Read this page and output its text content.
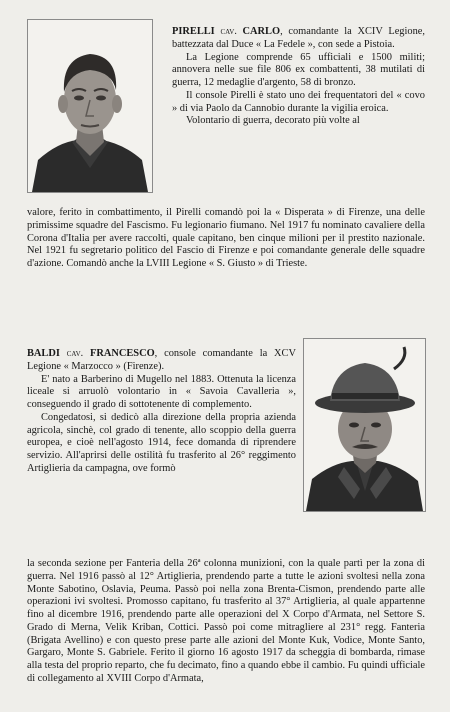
PIRELLI cav. CARLO, comandante la XCIV Legione, battezzata dal Duce « La Fedele », con sede a Pistoia.

La Legione comprende 65 ufficiali e 1500 militi; annovera nelle sue file 806 ex combattenti, 38 mutilati di guerra, 12 medaglie d'argento, 58 di bronzo.

Il console Pirelli è stato uno dei frequentatori del « covo » di via Paolo da Cannobio durante la vigilia eroica.

Volontario di guerra, decorato più volte al

valore, ferito in combattimento, il Pirelli comandò poi la « Disperata » di Firenze, una delle primissime squadre del Fascismo. Fu legionario fiumano. Nel 1917 fu nominato cavaliere della Corona d'Italia per avere raccolti, quale capitano, ben cinque milioni per il prestito nazionale. Nel 1921 fu segretario politico del Fascio di Firenze e poi comandante generale delle squadre d'azione. Comandò anche la LVIII Legione « S. Giusto » di Trieste.

BALDI cav. FRANCESCO, console comandante la XCV Legione « Marzocco » (Firenze).

E' nato a Barberino di Mugello nel 1883. Ottenuta la licenza liceale si arruolò volontario in « Savoia Cavalleria », conseguendo il grado di sottotenente di complemento.

Congedatosi, si dedicò alla direzione della propria azienda agricola, sinchè, col grado di tenente, allo scoppio della guerra europea, e cioè nell'agosto 1914, fece domanda di riprendere servizio. All'aprirsi delle ostilità fu trasferito al 26° reggimento Artiglieria da campagna, ove formò

la seconda sezione per Fanteria della 26ª colonna munizioni, con la quale partì per la zona di guerra. Nel 1916 passò al 12° Artiglieria, prendendo parte a tutte le azioni svoltesi nella zona Monte Sabotino, Oslavia, Peuma. Passò poi nella zona Brenta-Cismon, prendendo parte alle operazioni ivi svoltesi. Promosso capitano, fu trasferito al 37° Artiglieria, al quale appartenne fino al dicembre 1916, prendendo parte alle operazioni del X Corpo d'Armata, nel Settore S. Grado di Merna, Velik Kriban, Cottici. Passò poi come mitragliere al 231° regg. Fanteria (Brigata Avellino) e con questo prese parte alle azioni del Monte Kuk, Vodice, Monte Santo, Gargaro, Monte S. Gabriele. Ferito il giorno 16 agosto 1917 da scheggia di bombarda, rimase alla testa del proprio reparto, che fu decimato, fino a quando ebbe il cambio. Fu quindi ufficiale di collegamento al XVIII Corpo d'Armata,
